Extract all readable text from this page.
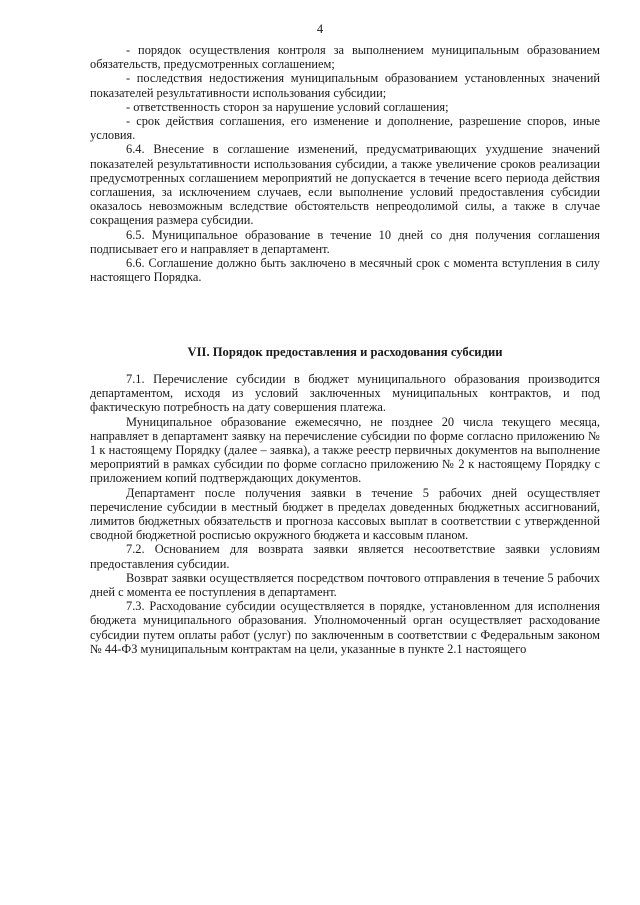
4

- порядок осуществления контроля за выполнением муниципальным образованием обязательств, предусмотренных соглашением;

- последствия недостижения муниципальным образованием установленных значений показателей результативности использования субсидии;

- ответственность сторон за нарушение условий соглашения;

- срок действия соглашения, его изменение и дополнение, разрешение споров, иные условия.

6.4. Внесение в соглашение изменений, предусматривающих ухудшение значений показателей результативности использования субсидии, а также увеличение сроков реализации предусмотренных соглашением мероприятий не допускается в течение всего периода действия соглашения, за исключением случаев, если выполнение условий предоставления субсидии оказалось невозможным вследствие обстоятельств непреодолимой силы, а также в случае сокращения размера субсидии.

6.5. Муниципальное образование в течение 10 дней со дня получения соглашения подписывает его и направляет в департамент.

6.6. Соглашение должно быть заключено в месячный срок с момента вступления в силу настоящего Порядка.

VII. Порядок предоставления и расходования субсидии

7.1. Перечисление субсидии в бюджет муниципального образования производится департаментом, исходя из условий заключенных муниципальных контрактов, и под фактическую потребность на дату совершения платежа.

Муниципальное образование ежемесячно, не позднее 20 числа текущего месяца, направляет в департамент заявку на перечисление субсидии по форме согласно приложению № 1 к настоящему Порядку (далее – заявка), а также реестр первичных документов на выполнение мероприятий в рамках субсидии по форме согласно приложению № 2 к настоящему Порядку с приложением копий подтверждающих документов.

Департамент после получения заявки в течение 5 рабочих дней осуществляет перечисление субсидии в местный бюджет в пределах доведенных бюджетных ассигнований, лимитов бюджетных обязательств и прогноза кассовых выплат в соответствии с утвержденной сводной бюджетной росписью окружного бюджета и кассовым планом.

7.2. Основанием для возврата заявки является несоответствие заявки условиям предоставления субсидии.

Возврат заявки осуществляется посредством почтового отправления в течение 5 рабочих дней с момента ее поступления в департамент.

7.3. Расходование субсидии осуществляется в порядке, установленном для исполнения бюджета муниципального образования. Уполномоченный орган осуществляет расходование субсидии путем оплаты работ (услуг) по заключенным в соответствии с Федеральным законом № 44-ФЗ муниципальным контрактам на цели, указанные в пункте 2.1 настоящего
